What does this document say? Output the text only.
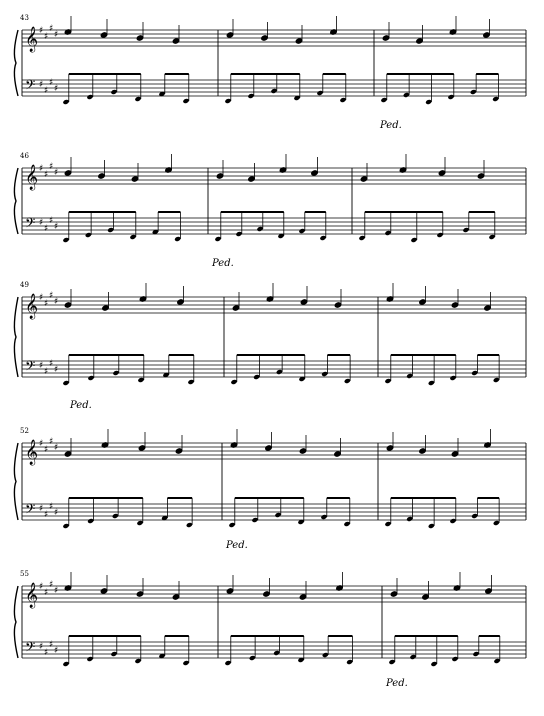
𝄞
𝄢
♯
♯
♯
♯
♯
♯
♯
♯
43
Ped.
𝄞
𝄢
♯
♯
♯
♯
♯
♯
♯
♯
46
Ped.
𝄞
𝄢
♯
♯
♯
♯
♯
♯
♯
♯
49
Ped.
𝄞
𝄢
♯
♯
♯
♯
♯
♯
♯
♯
52
Ped.
𝄞
𝄢
♯
♯
♯
♯
♯
♯
♯
♯
55
Ped.
